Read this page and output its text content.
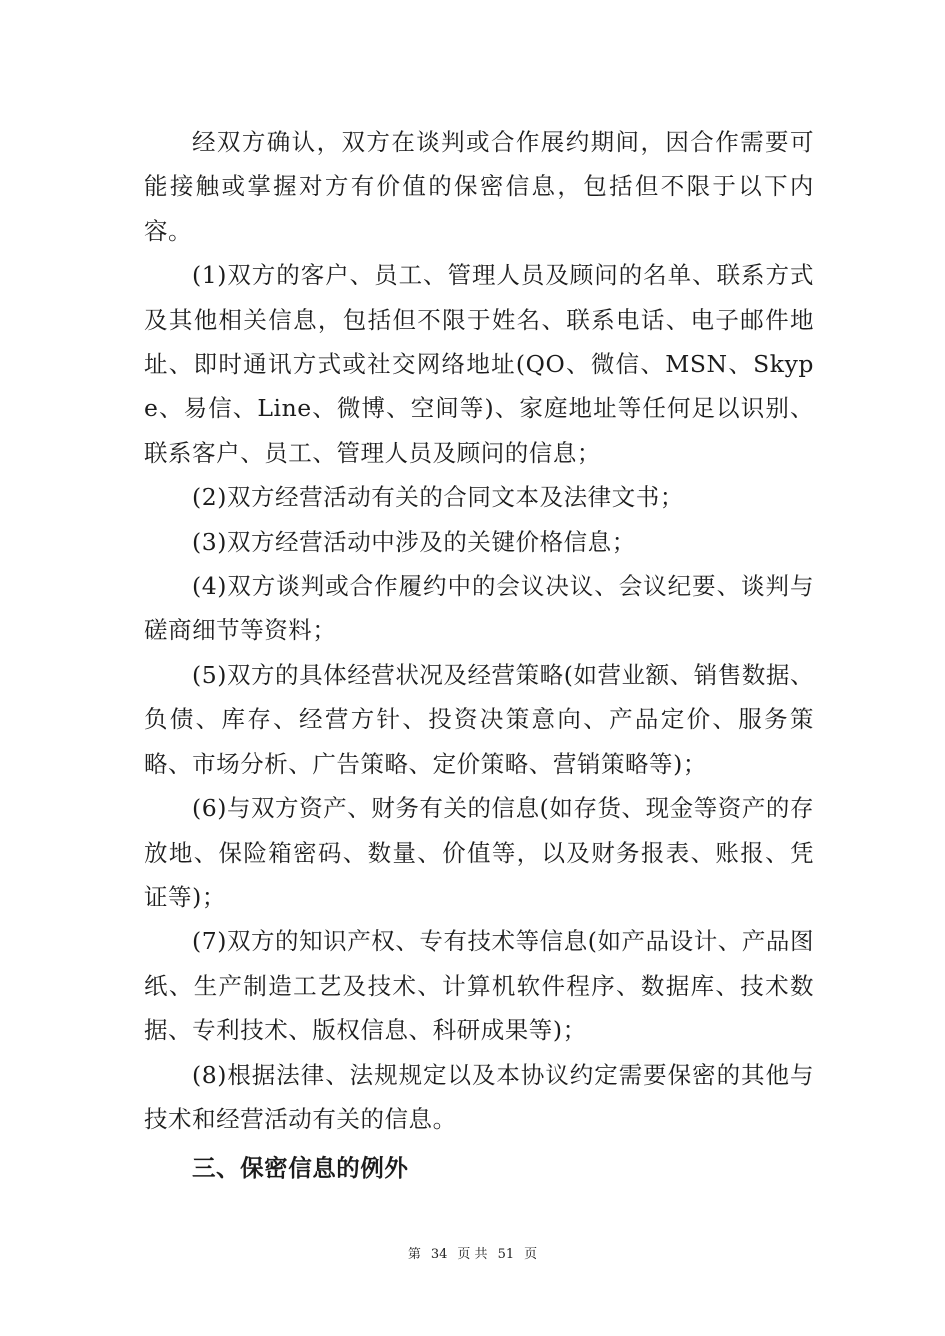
经双方确认，双方在谈判或合作展约期间，因合作需要可能接触或掌握对方有价值的保密信息，包括但不限于以下内容。

(1)双方的客户、员工、管理人员及顾问的名单、联系方式及其他相关信息，包括但不限于姓名、联系电话、电子邮件地址、即时通讯方式或社交网络地址(QO、微信、MSN、Skype、易信、Line、微博、空间等)、家庭地址等任何足以识别、联系客户、员工、管理人员及顾问的信息；

(2)双方经营活动有关的合同文本及法律文书；

(3)双方经营活动中涉及的关键价格信息；

(4)双方谈判或合作履约中的会议决议、会议纪要、谈判与磋商细节等资料；

(5)双方的具体经营状况及经营策略(如营业额、销售数据、负债、库存、经营方针、投资决策意向、产品定价、服务策略、市场分析、广告策略、定价策略、营销策略等)；

(6)与双方资产、财务有关的信息(如存货、现金等资产的存放地、保险箱密码、数量、价值等，以及财务报表、账报、凭证等)；

(7)双方的知识产权、专有技术等信息(如产品设计、产品图纸、生产制造工艺及技术、计算机软件程序、数据库、技术数据、专利技术、版权信息、科研成果等)；

(8)根据法律、法规规定以及本协议约定需要保密的其他与技术和经营活动有关的信息。

三、保密信息的例外

第 34 页 共 51 页
